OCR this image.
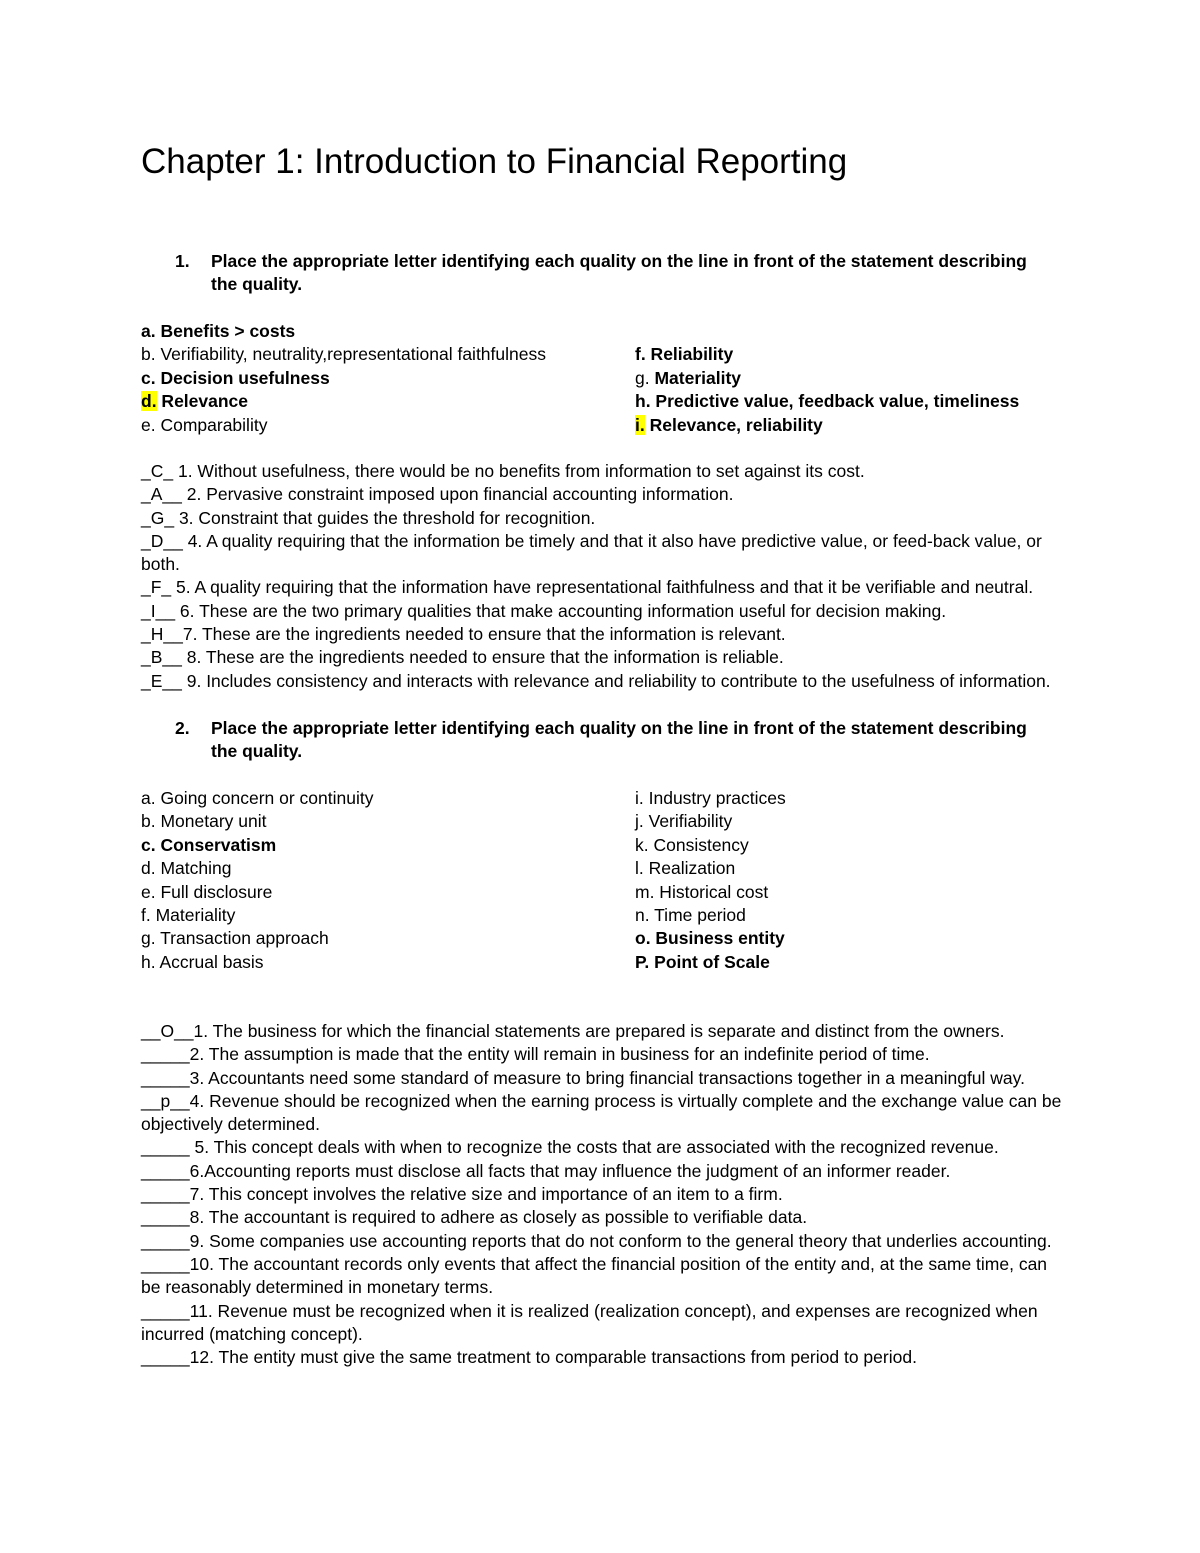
Chapter 1: Introduction to Financial Reporting
1. Place the appropriate letter identifying each quality on the line in front of the statement describing the quality.
a. Benefits > costs
b. Verifiability, neutrality,representational faithfulness	f. Reliability
c. Decision usefulness	g. Materiality
d. Relevance	h. Predictive value, feedback value, timeliness
e. Comparability	i. Relevance, reliability
_C_ 1. Without usefulness, there would be no benefits from information to set against its cost.
_A__ 2. Pervasive constraint imposed upon financial accounting information.
_G_ 3. Constraint that guides the threshold for recognition.
_D__ 4. A quality requiring that the information be timely and that it also have predictive value, or feed-back value, or both.
_F_ 5. A quality requiring that the information have representational faithfulness and that it be verifiable and neutral.
_I__ 6. These are the two primary qualities that make accounting information useful for decision making.
_H__7. These are the ingredients needed to ensure that the information is relevant.
_B__ 8. These are the ingredients needed to ensure that the information is reliable.
_E__ 9. Includes consistency and interacts with relevance and reliability to contribute to the usefulness of information.
2. Place the appropriate letter identifying each quality on the line in front of the statement describing the quality.
a. Going concern or continuity	i. Industry practices
b. Monetary unit	j. Verifiability
c. Conservatism	k. Consistency
d. Matching	l. Realization
e. Full disclosure	m. Historical cost
f. Materiality	n. Time period
g. Transaction approach	o. Business entity
h. Accrual basis	P. Point of Scale
__O__1. The business for which the financial statements are prepared is separate and distinct from the owners.
_____2. The assumption is made that the entity will remain in business for an indefinite period of time.
_____3. Accountants need some standard of measure to bring financial transactions together in a meaningful way.
__p__4. Revenue should be recognized when the earning process is virtually complete and the exchange value can be objectively determined.
_____ 5. This concept deals with when to recognize the costs that are associated with the recognized revenue.
_____6.Accounting reports must disclose all facts that may influence the judgment of an informer reader.
_____7. This concept involves the relative size and importance of an item to a firm.
_____8. The accountant is required to adhere as closely as possible to verifiable data.
_____9. Some companies use accounting reports that do not conform to the general theory that underlies accounting.
_____10. The accountant records only events that affect the financial position of the entity and, at the same time, can be reasonably determined in monetary terms.
_____11. Revenue must be recognized when it is realized (realization concept), and expenses are recognized when incurred (matching concept).
_____12. The entity must give the same treatment to comparable transactions from period to period.
